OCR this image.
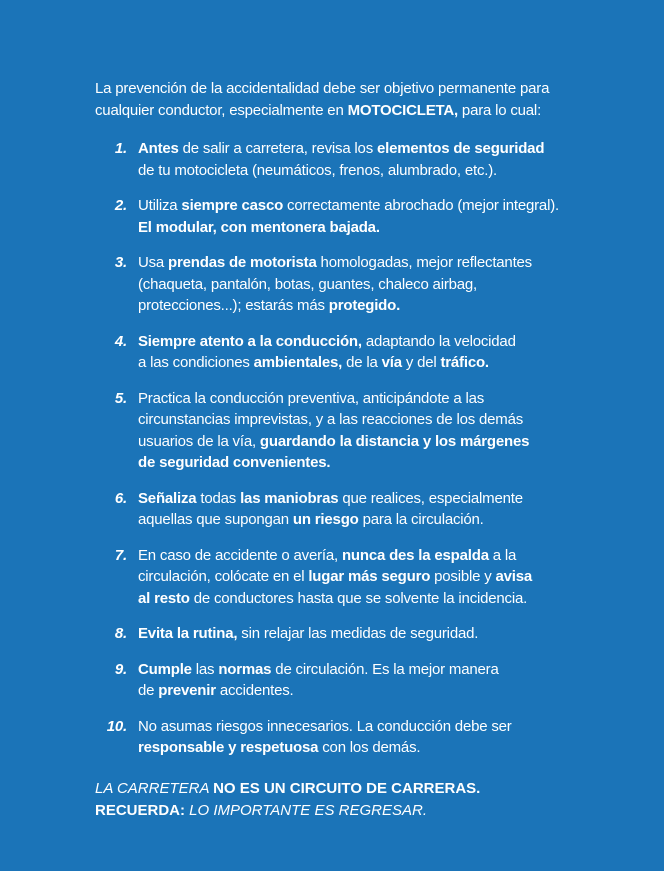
La prevención de la accidentalidad debe ser objetivo permanente para
cualquier conductor, especialmente en MOTOCICLETA, para lo cual:

1. Antes de salir a carretera, revisa los elementos de seguridad
de tu motocicleta (neumáticos, frenos, alumbrado, etc.).
2. Utiliza siempre casco correctamente abrochado (mejor integral).
El modular, con mentonera bajada.
3. Usa prendas de motorista homologadas, mejor reflectantes
(chaqueta, pantalón, botas, guantes, chaleco airbag,
protecciones...); estarás más protegido.
4. Siempre atento a la conducción, adaptando la velocidad
a las condiciones ambientales, de la vía y del tráfico.
5. Practica la conducción preventiva, anticipándote a las
circunstancias imprevistas, y a las reacciones de los demás
usuarios de la vía, guardando la distancia y los márgenes
de seguridad convenientes.
6. Señaliza todas las maniobras que realices, especialmente
aquellas que supongan un riesgo para la circulación.
7. En caso de accidente o avería, nunca des la espalda a la
circulación, colócate en el lugar más seguro posible y avisa
al resto de conductores hasta que se solvente la incidencia.
8. Evita la rutina, sin relajar las medidas de seguridad.
9. Cumple las normas de circulación. Es la mejor manera
de prevenir accidentes.
10. No asumas riesgos innecesarios. La conducción debe ser
responsable y respetuosa con los demás.
LA CARRETERA NO ES UN CIRCUITO DE CARRERAS.
RECUERDA: LO IMPORTANTE ES REGRESAR.
